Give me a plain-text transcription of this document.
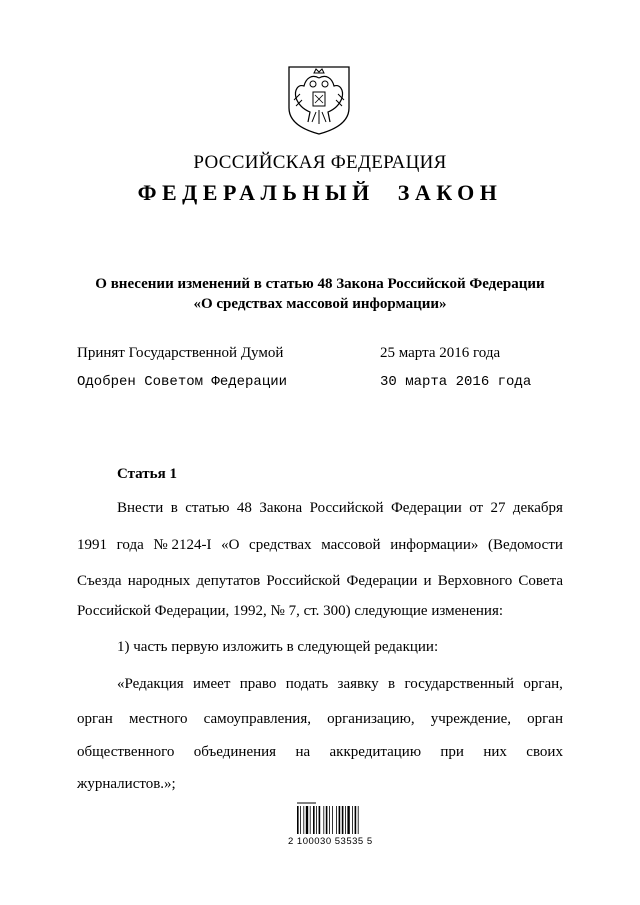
РОССИЙСКАЯ ФЕДЕРАЦИЯ
ФЕДЕРАЛЬНЫЙ ЗАКОН
О внесении изменений в статью 48 Закона Российской Федерации
«О средствах массовой информации»
Принят Государственной Думой	25 марта 2016 года
Одобрен Советом Федерации	30 марта 2016 года
Статья 1
Внести в статью 48 Закона Российской Федерации от 27 декабря
1991 года № 2124-I «О средствах массовой информации» (Ведомости
Съезда народных депутатов Российской Федерации и Верховного Совета
Российской Федерации, 1992, № 7, ст. 300) следующие изменения:
1) часть первую изложить в следующей редакции:
«Редакция имеет право подать заявку в государственный орган,
орган местного самоуправления, организацию, учреждение, орган
общественного объединения на аккредитацию при них своих
журналистов.»;
2 100030 53535 5
